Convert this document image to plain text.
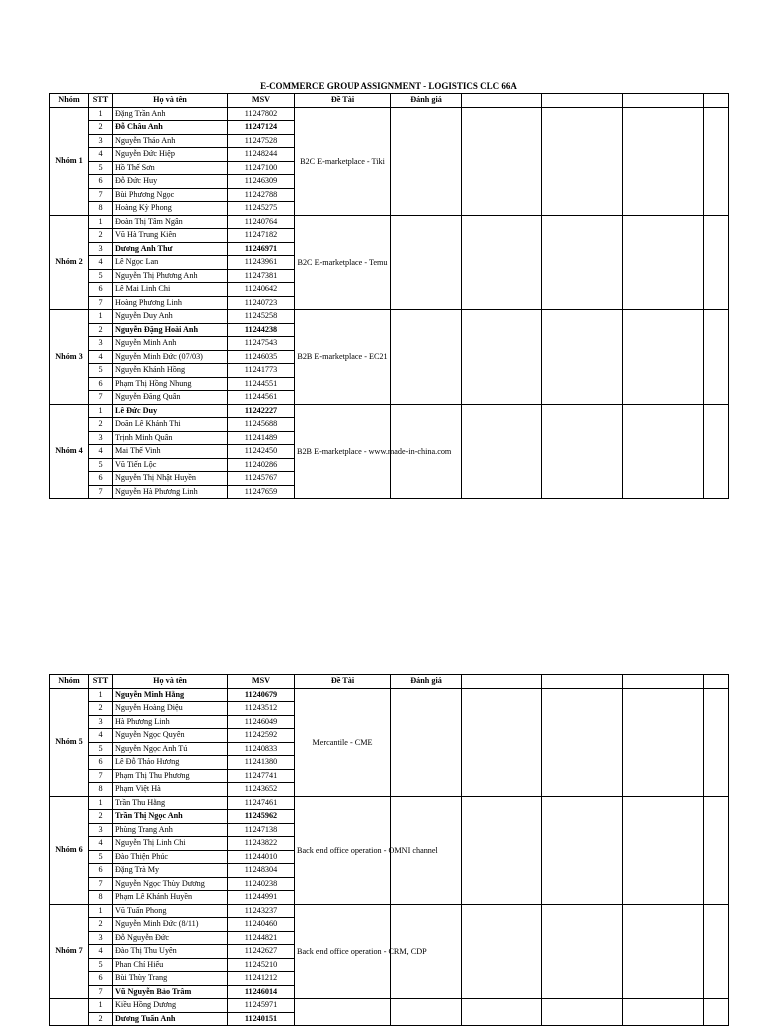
E-COMMERCE GROUP ASSIGNMENT - LOGISTICS CLC 66A
Nhóm	STT	Họ và tên	MSV	Đề Tài	Đánh giá				
Nhóm 1	1	Đặng Trần Anh	11247802	B2C E-marketplace - Tiki					
	2	Đỗ Châu Anh	11247124						
	3	Nguyễn Thảo Anh	11247528						
	4	Nguyễn Đức Hiệp	11248244						
	5	Hồ Thế Sơn	11247100						
	6	Đỗ Đức Huy	11246309						
	7	Bùi Phương Ngọc	11242788						
	8	Hoàng Kỳ Phong	11245275						
Nhóm 2	1	Đoàn Thị Tâm Ngân	11240764	B2C E-marketplace - Temu					
	2	Vũ Hà Trung Kiên	11247182						
	3	Dương Anh Thư	11246971						
	4	Lê Ngọc Lan	11243961						
	5	Nguyễn Thị Phương Anh	11247381						
	6	Lê Mai Linh Chi	11240642						
	7	Hoàng Phương Linh	11240723						
Nhóm 3	1	Nguyễn Duy Anh	11245258	B2B E-marketplace - EC21					
	2	Nguyễn Đặng Hoài Anh	11244238						
	3	Nguyễn Minh Anh	11247543						
	4	Nguyễn Minh Đức (07/03)	11246035						
	5	Nguyễn Khánh Hồng	11241773						
	6	Phạm Thị Hồng Nhung	11244551						
	7	Nguyễn Đăng Quân	11244561						
Nhóm 4	1	Lê Đức Duy	11242227	B2B E-marketplace - www.made-in-china.com					
	2	Doãn Lê Khánh Thi	11245688						
	3	Trịnh Minh Quân	11241489						
	4	Mai Thế Vinh	11242450						
	5	Vũ Tiến Lộc	11240286						
	6	Nguyễn Thị Nhật Huyền	11245767						
	7	Nguyễn Hà Phương Linh	11247659						
Nhóm	STT	Họ và tên	MSV	Đề Tài	Đánh giá				
Nhóm 5	1	Nguyễn Minh Hằng	11240679	Mercantile - CME					
	2	Nguyễn Hoàng Diệu	11243512						
	3	Hà Phương Linh	11246049						
	4	Nguyễn Ngọc Quyên	11242592						
	5	Nguyễn Ngọc Anh Tú	11240833						
	6	Lê Đỗ Thảo Hương	11241380						
	7	Phạm Thị Thu Phương	11247741						
	8	Phạm Việt Hà	11243652						
Nhóm 6	1	Trần Thu Hằng	11247461	Back end office operation - OMNI channel					
	2	Trần Thị Ngọc Anh	11245962						
	3	Phùng Trang Anh	11247138						
	4	Nguyễn Thị Linh Chi	11243822						
	5	Đào Thiện Phúc	11244010						
	6	Đặng Trà My	11248304						
	7	Nguyễn Ngọc Thùy Dương	11240238						
	8	Phạm Lê Khánh Huyền	11244991						
Nhóm 7	1	Vũ Tuấn Phong	11243237	Back end office operation - CRM, CDP					
	2	Nguyễn Minh Đức (8/11)	11240460						
	3	Đỗ Nguyễn Đức	11244821						
	4	Đào Thị Thu Uyên	11242627						
	5	Phan Chí Hiếu	11245210						
	6	Bùi Thùy Trang	11241212						
	7	Vũ Nguyễn Bảo Trâm	11246014						
	1	Kiều Hồng Dương	11245971						
	2	Dương Tuấn Anh	11240151						
